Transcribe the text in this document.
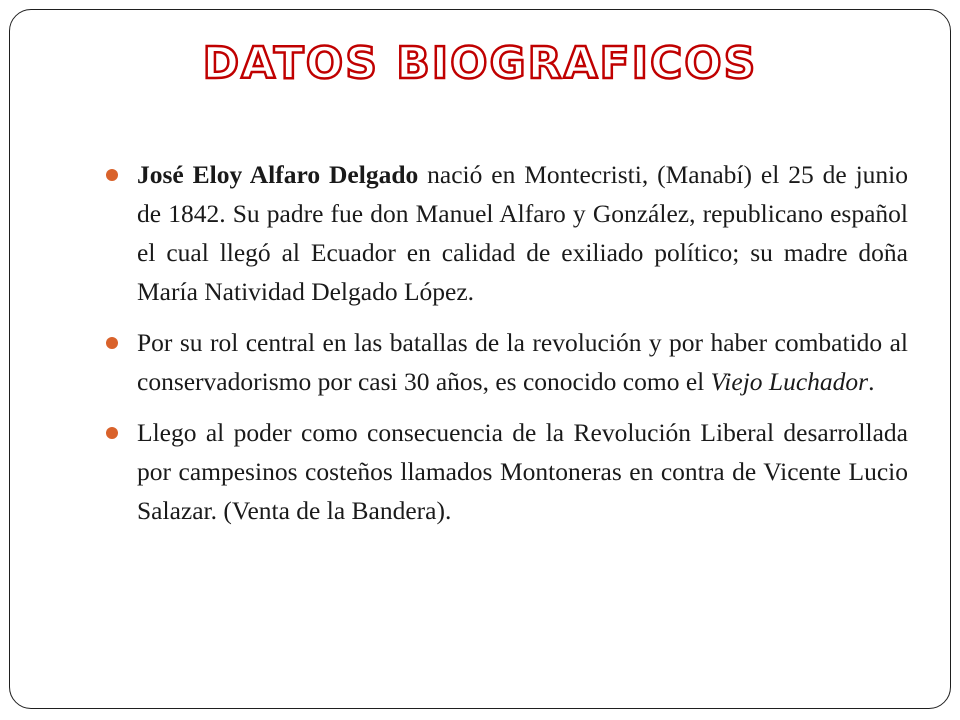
DATOS BIOGRAFICOS

José Eloy Alfaro Delgado nació en Montecristi, (Manabí) el 25 de junio de 1842. Su padre fue don Manuel Alfaro y González, republicano español el cual llegó al Ecuador en calidad de exiliado político; su madre doña María Natividad Delgado López.

Por su rol central en las batallas de la revolución y por haber combatido al conservadorismo por casi 30 años, es conocido como el Viejo Luchador.

Llego al poder como consecuencia de la Revolución Liberal desarrollada por campesinos costeños llamados Montoneras en contra de Vicente Lucio Salazar. (Venta de la Bandera).
